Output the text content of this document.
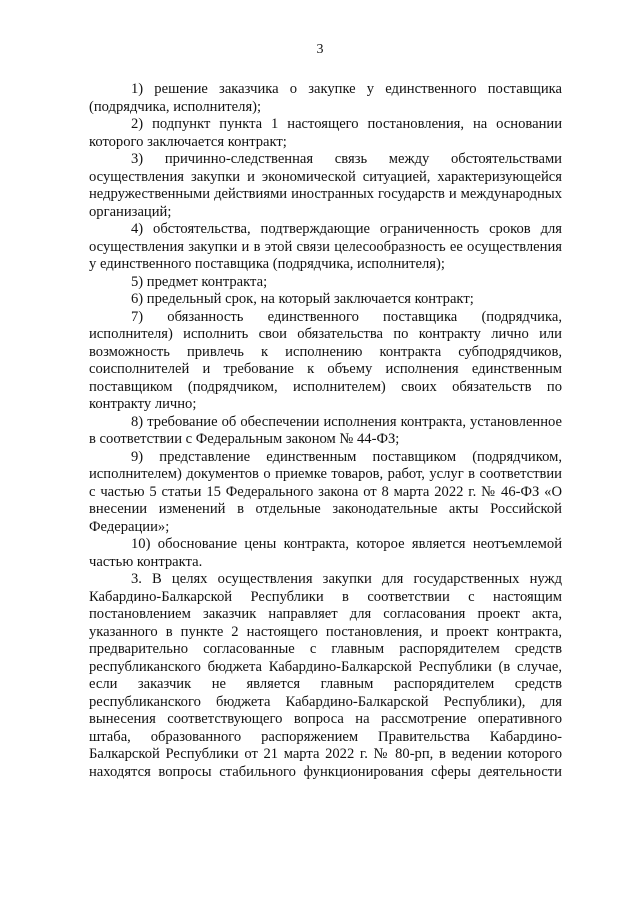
3

1) решение заказчика о закупке у единственного поставщика (подрядчика, исполнителя);

2) подпункт пункта 1 настоящего постановления, на основании которого заключается контракт;

3) причинно-следственная связь между обстоятельствами осуществления закупки и экономической ситуацией, характеризующейся недружественными действиями иностранных государств и международных организаций;

4) обстоятельства, подтверждающие ограниченность сроков для осуществления закупки и в этой связи целесообразность ее осуществления у единственного поставщика (подрядчика, исполнителя);

5) предмет контракта;

6) предельный срок, на который заключается контракт;

7) обязанность единственного поставщика (подрядчика, исполнителя) исполнить свои обязательства по контракту лично или возможность привлечь к исполнению контракта субподрядчиков, соисполнителей и требование к объему исполнения единственным поставщиком (подрядчиком, исполнителем) своих обязательств по контракту лично;

8) требование об обеспечении исполнения контракта, установленное в соответствии с Федеральным законом № 44-ФЗ;

9) представление единственным поставщиком (подрядчиком, исполнителем) документов о приемке товаров, работ, услуг в соответствии с частью 5 статьи 15 Федерального закона от 8 марта 2022 г. № 46-ФЗ «О внесении изменений в отдельные законодательные акты Российской Федерации»;

10) обоснование цены контракта, которое является неотъемлемой частью контракта.

3. В целях осуществления закупки для государственных нужд Кабардино-Балкарской Республики в соответствии с настоящим постановлением заказчик направляет для согласования проект акта, указанного в пункте 2 настоящего постановления, и проект контракта, предварительно согласованные с главным распорядителем средств республиканского бюджета Кабардино-Балкарской Республики (в случае, если заказчик не является главным распорядителем средств республиканского бюджета Кабардино-Балкарской Республики), для вынесения соответствующего вопроса на рассмотрение оперативного штаба, образованного распоряжением Правительства Кабардино-Балкарской Республики от 21 марта 2022 г. № 80-рп, в ведении которого находятся вопросы стабильного функционирования сферы деятельности
